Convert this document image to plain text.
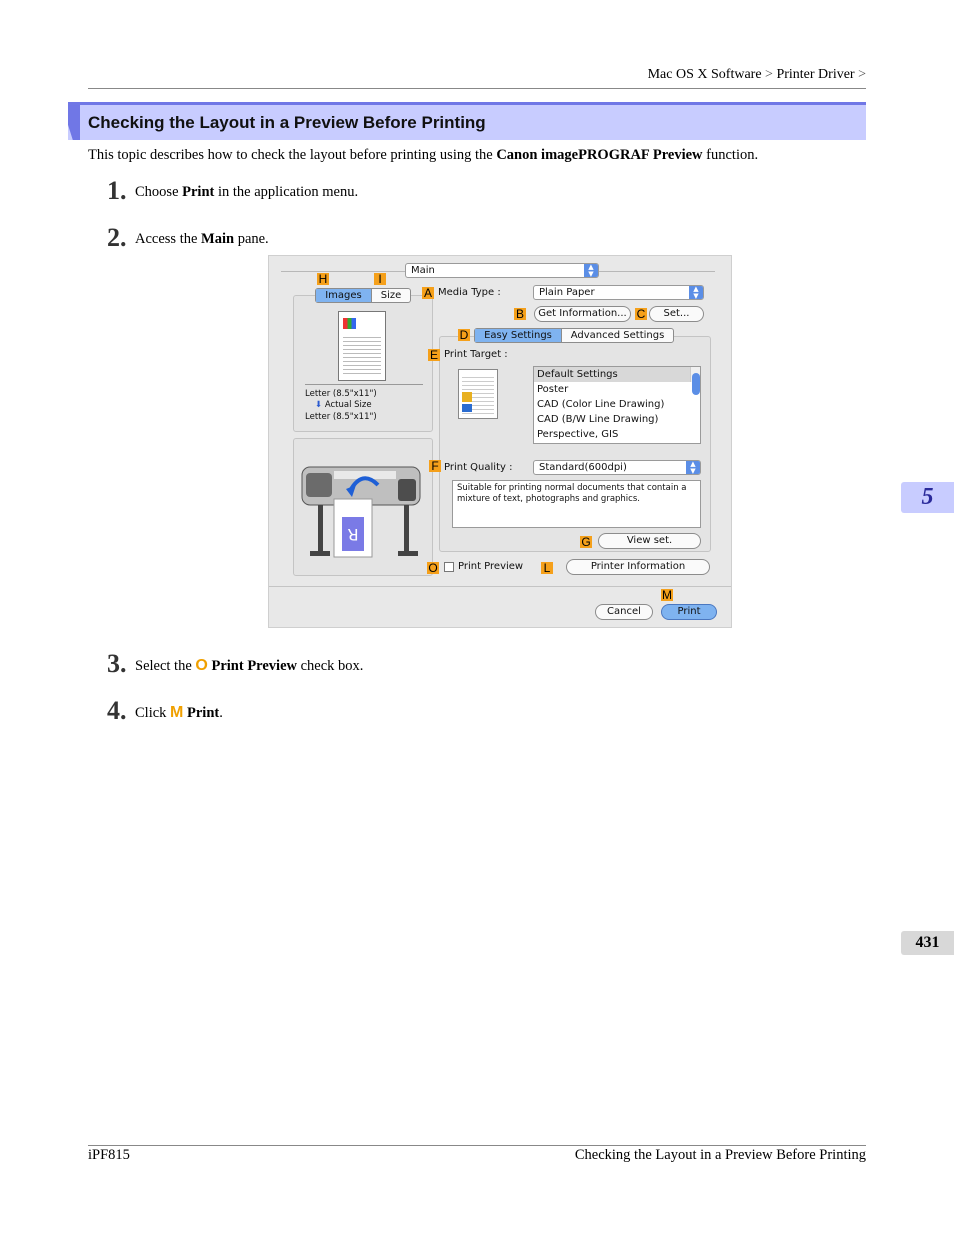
Mac OS X Software > Printer Driver >
Checking the Layout in a Preview Before Printing
This topic describes how to check the layout before printing using the Canon imagePROGRAF Preview function.
1. Choose Print in the application menu.
2. Access the Main pane.
Main	▲
▼
H	I
Images	Size
Letter (8.5"x11")
⬇ Actual Size
Letter (8.5"x11")
R
A Media Type :	Plain Paper	▲
▼
B	Get Information... C	Set...
D	Easy Settings	Advanced Settings
E Print Target :
Default Settings
Poster
CAD (Color Line Drawing)
CAD (B/W Line Drawing)
Perspective, GIS
F Print Quality :	Standard(600dpi)	▲
▼
Suitable for printing normal documents that contain a mixture of text, photographs and graphics.
G	View set.
O Print Preview L	Printer Information
M
Cancel	Print
3. Select the O Print Preview check box.
4. Click M Print.
5
431
iPF815	Checking the Layout in a Preview Before Printing
